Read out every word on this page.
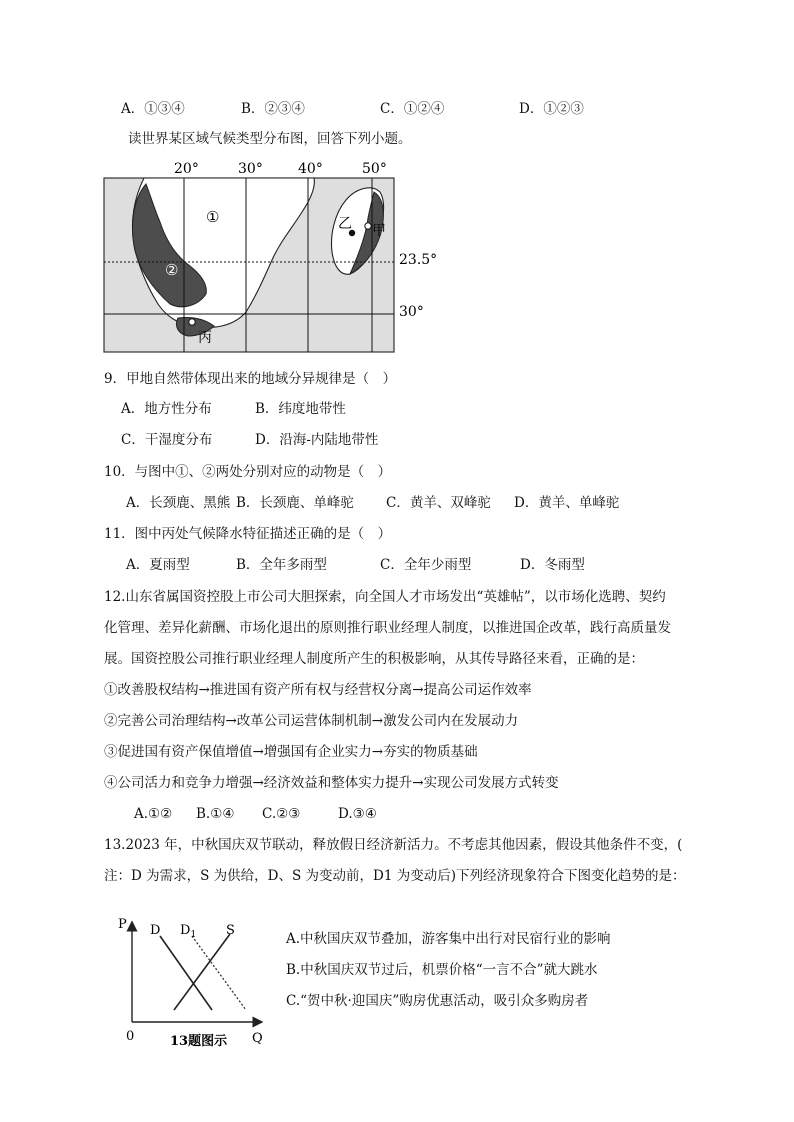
A．①③④	B．②③④	C．①②④	D．①②③
读世界某区域气候类型分布图，回答下列小题。
20°	30°	40°	50°
23.5°
30°
①
②
乙 甲
丙
9．甲地自然带体现出来的地域分异规律是（　）
A．地方性分布	B．纬度地带性
C．干湿度分布	D．沿海-内陆地带性
10．与图中①、②两处分别对应的动物是（　）
A．长颈鹿、黑熊 B．长颈鹿、单峰驼 C．黄羊、双峰驼 D．黄羊、单峰驼
11．图中丙处气候降水特征描述正确的是（　）
A．夏雨型	B．全年多雨型	C．全年少雨型	D．冬雨型
12.山东省属国资控股上市公司大胆探索，向全国人才市场发出“英雄帖”，以市场化选聘、契约
化管理、差异化薪酬、市场化退出的原则推行职业经理人制度，以推进国企改革，践行高质量发
展。国资控股公司推行职业经理人制度所产生的积极影响，从其传导路径来看，正确的是：
①改善股权结构→推进国有资产所有权与经营权分离→提高公司运作效率
②完善公司治理结构→改革公司运营体制机制→激发公司内在发展动力
③促进国有资产保值增值→增强国有企业实力→夯实的物质基础
④公司活力和竞争力增强→经济效益和整体实力提升→实现公司发展方式转变
A.①② B.①④ C.②③	D.③④
13.2023 年，中秋国庆双节联动，释放假日经济新活力。不考虑其他因素，假设其他条件不变，(
注：D 为需求，S 为供给，D、S 为变动前，D1 为变动后)下列经济现象符合下图变化趋势的是：
P D $D_1$ S
0	Q
13题图示
A.中秋国庆双节叠加，游客集中出行对民宿行业的影响
B.中秋国庆双节过后，机票价格“一言不合”就大跳水
C.“贺中秋·迎国庆”购房优惠活动，吸引众多购房者
